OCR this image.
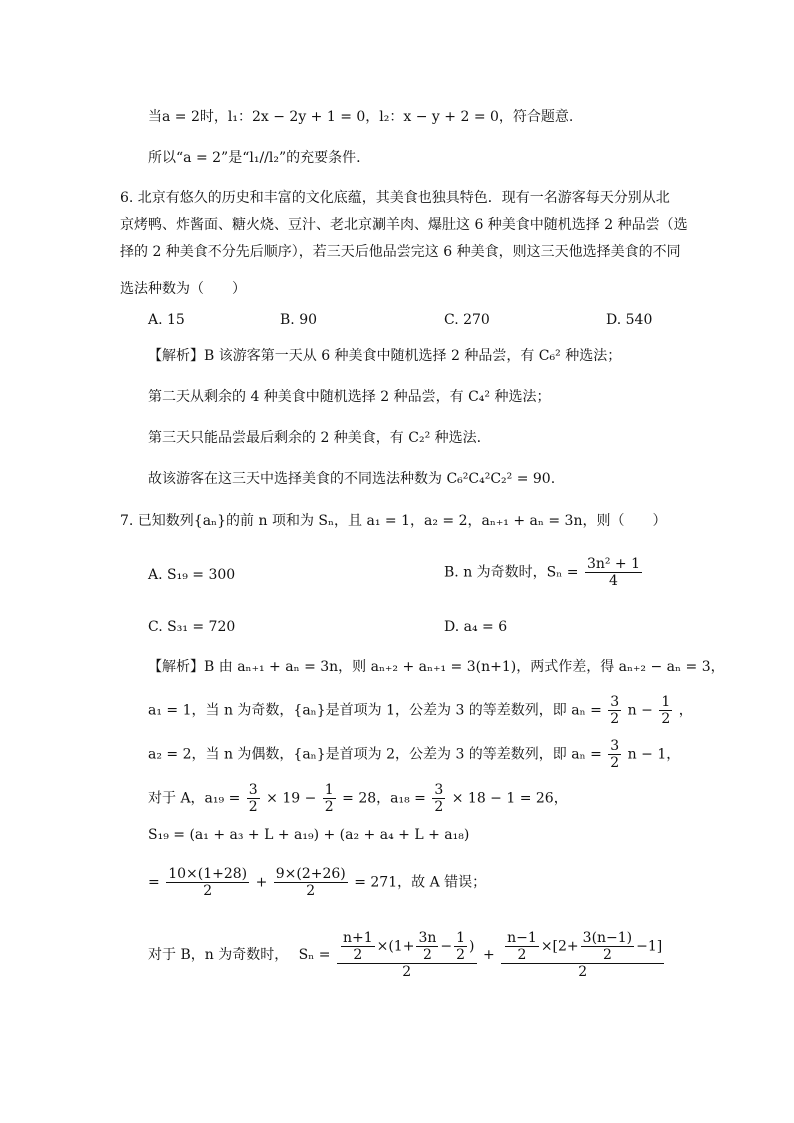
当a = 2时，l₁：2x − 2y + 1 = 0，l₂：x − y + 2 = 0，符合题意.
所以“a = 2”是“l₁//l₂”的充要条件.
6. 北京有悠久的历史和丰富的文化底蕴，其美食也独具特色．现有一名游客每天分别从北
京烤鸭、炸酱面、糖火烧、豆汁、老北京涮羊肉、爆肚这 6 种美食中随机选择 2 种品尝（选
择的 2 种美食不分先后顺序），若三天后他品尝完这 6 种美食，则这三天他选择美食的不同
选法种数为（　　）
A. 15	B. 90	C. 270	D. 540
【解析】B 该游客第一天从 6 种美食中随机选择 2 种品尝，有 C₆² 种选法；
第二天从剩余的 4 种美食中随机选择 2 种品尝，有 C₄² 种选法；
第三天只能品尝最后剩余的 2 种美食，有 C₂² 种选法.
故该游客在这三天中选择美食的不同选法种数为 C₆²C₄²C₂² = 90.
7. 已知数列{aₙ}的前 n 项和为 Sₙ，且 a₁ = 1，a₂ = 2，aₙ₊₁ + aₙ = 3n，则（　　）
A. S₁₉ = 300	B. n 为奇数时，$S_n = \frac{\text{3n² + 1}}{4}$
C. S₃₁ = 720	D. a₄ = 6
【解析】B 由 aₙ₊₁ + aₙ = 3n，则 aₙ₊₂ + aₙ₊₁ = 3(n+1)，两式作差，得 aₙ₊₂ − aₙ = 3，
a₁ = 1，当 n 为奇数，{aₙ}是首项为 1，公差为 3 的等差数列，即 $a_n = \frac{3}{2}$ $n - \frac{1}{2}$ ，
a₂ = 2，当 n 为偶数，{aₙ}是首项为 2，公差为 3 的等差数列，即 $a_n = \frac{3}{2}$ n − 1，
对于 A，$a_{19} = \frac{3}{2} \times 19 - \frac{1}{2} = 28$，$a_{18} = \frac{3}{2} \times 18 - 1 = 26$，
S₁₉ = (a₁ + a₃ + L + a₁₉) + (a₂ + a₄ + L + a₁₈)
= $\frac{10\times(1+28)}{2} + \frac{9\times(2+26)}{2} = 271$，故 A 错误；
对于 B，n 为奇数时， $S_n = \frac{\frac{n+1}{2} \times(1+ \frac{3n}{2} - \frac{1}{2} )}{2} + \frac{\frac{n-1}{2} \times[2+ \frac{3(n-1)}{2} -1]}{2}$
